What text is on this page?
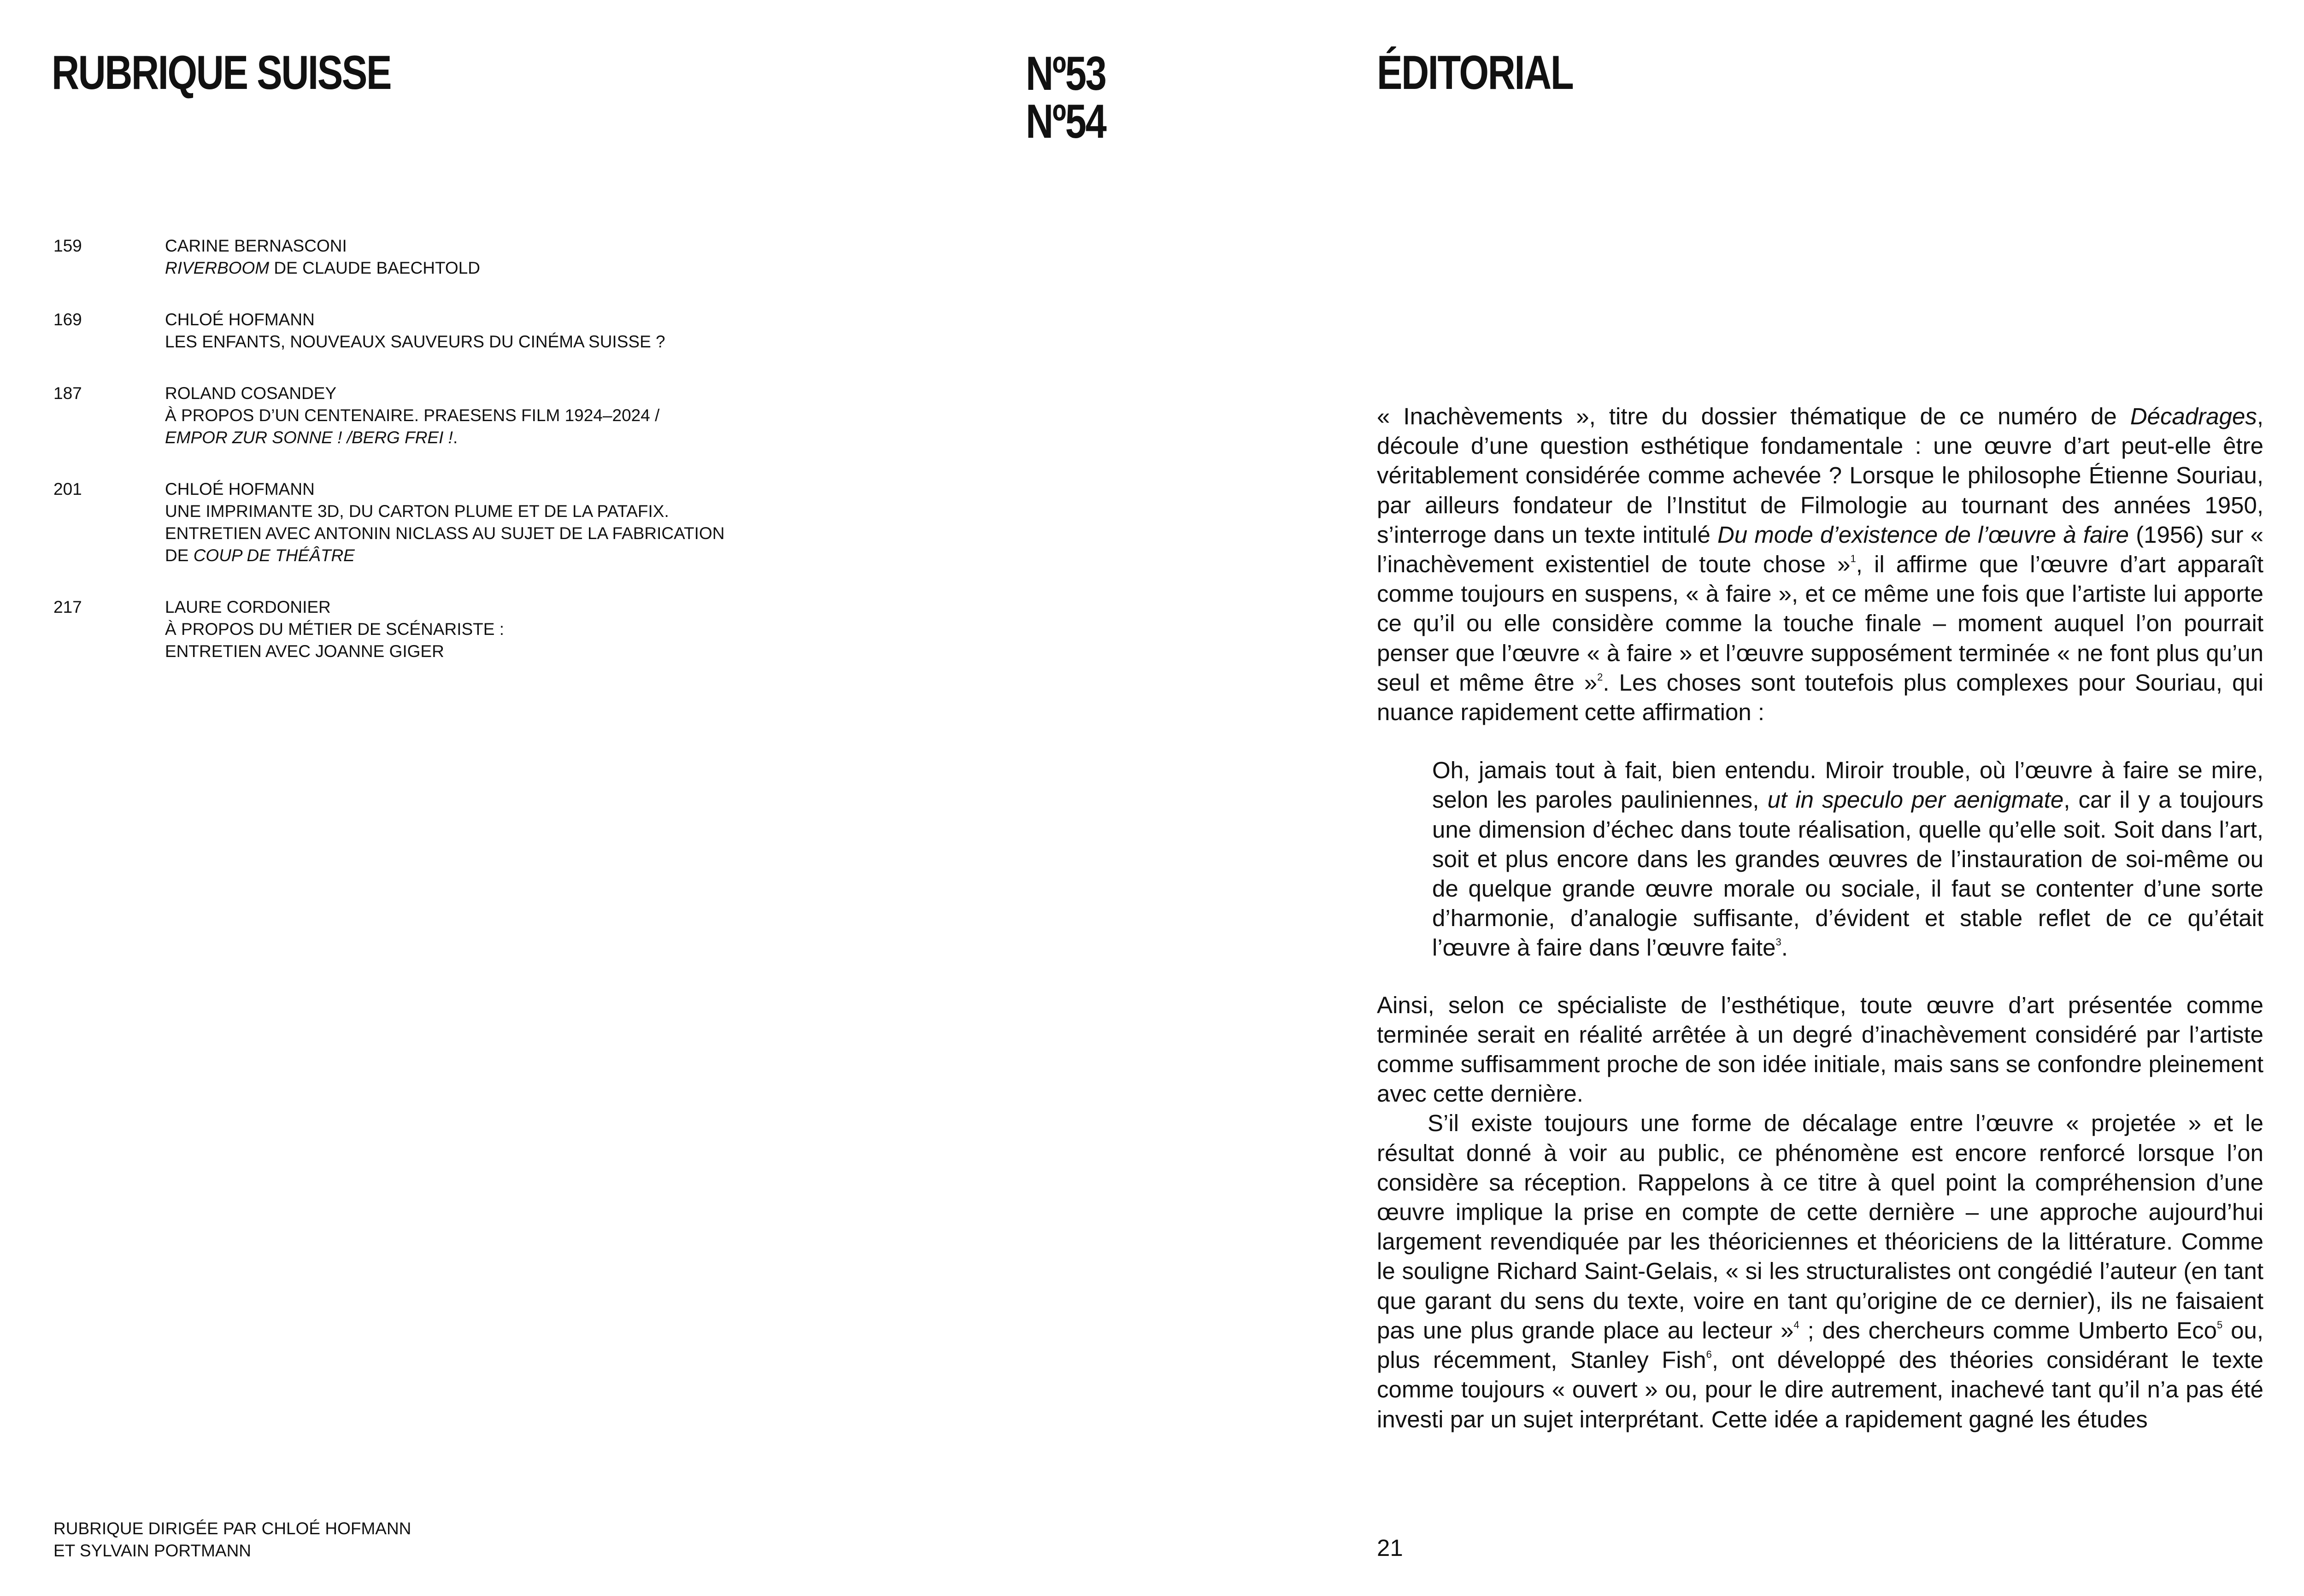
RUBRIQUE SUISSE	Nº53
Nº54
ÉDITORIAL
159	CARINE BERNASCONI
RIVERBOOM DE CLAUDE BAECHTOLD
169	CHLOÉ HOFMANN
LES ENFANTS, NOUVEAUX SAUVEURS DU CINÉMA SUISSE ?
187	ROLAND COSANDEY
À PROPOS D’UN CENTENAIRE. PRAESENS FILM 1924–2024 /
EMPOR ZUR SONNE ! /BERG FREI !.
201	CHLOÉ HOFMANN
UNE IMPRIMANTE 3D, DU CARTON PLUME ET DE LA PATAFIX.
ENTRETIEN AVEC ANTONIN NICLASS AU SUJET DE LA FABRICATION
DE COUP DE THÉÂTRE
217	LAURE CORDONIER
À PROPOS DU MÉTIER DE SCÉNARISTE :
ENTRETIEN AVEC JOANNE GIGER
RUBRIQUE DIRIGÉE PAR CHLOÉ HOFMANN
ET SYLVAIN PORTMANN

« Inachèvements », titre du dossier thématique de ce numéro de Décadrages, découle d’une question esthétique fondamentale : une œuvre d’art peut-elle être véritablement considérée comme achevée ? Lorsque le philosophe Étienne Souriau, par ailleurs fondateur de l’Institut de Filmologie au tournant des années 1950, s’interroge dans un texte intitulé Du mode d’existence de l’œuvre à faire (1956) sur « l’inachèvement existentiel de toute chose »$^1$, il affirme que l’œuvre d’art apparaît comme toujours en suspens, « à faire », et ce même une fois que l’artiste lui apporte ce qu’il ou elle considère comme la touche finale – moment auquel l’on pourrait penser que l’œuvre « à faire » et l’œuvre supposément terminée « ne font plus qu’un seul et même être »$^2$. Les choses sont toutefois plus complexes pour Souriau, qui nuance rapidement cette affirmation :

Oh, jamais tout à fait, bien entendu. Miroir trouble, où l’œuvre à faire se mire, selon les paroles pauliniennes, ut in speculo per aenigmate, car il y a toujours une dimension d’échec dans toute réalisation, quelle qu’elle soit. Soit dans l’art, soit et plus encore dans les grandes œuvres de l’instauration de soi-même ou de quelque grande œuvre morale ou sociale, il faut se contenter d’une sorte d’harmonie, d’analogie suffisante, d’évident et stable reflet de ce qu’était l’œuvre à faire dans l’œuvre faite$^3$.

Ainsi, selon ce spécialiste de l’esthétique, toute œuvre d’art présentée comme terminée serait en réalité arrêtée à un degré d’inachèvement considéré par l’artiste comme suffisamment proche de son idée initiale, mais sans se confondre pleinement avec cette dernière.

S’il existe toujours une forme de décalage entre l’œuvre « projetée » et le résultat donné à voir au public, ce phénomène est encore renforcé lorsque l’on considère sa réception. Rappelons à ce titre à quel point la compréhension d’une œuvre implique la prise en compte de cette dernière – une approche aujourd’hui largement revendiquée par les théoriciennes et théoriciens de la littérature. Comme le souligne Richard Saint-Gelais, « si les structuralistes ont congédié l’auteur (en tant que garant du sens du texte, voire en tant qu’origine de ce dernier), ils ne faisaient pas une plus grande place au lecteur »$^4$ ; des chercheurs comme Umberto Eco$^5$ ou, plus récemment, Stanley Fish$^6$, ont développé des théories considérant le texte comme toujours « ouvert » ou, pour le dire autrement, inachevé tant qu’il n’a pas été investi par un sujet interprétant. Cette idée a rapidement gagné les études

21
